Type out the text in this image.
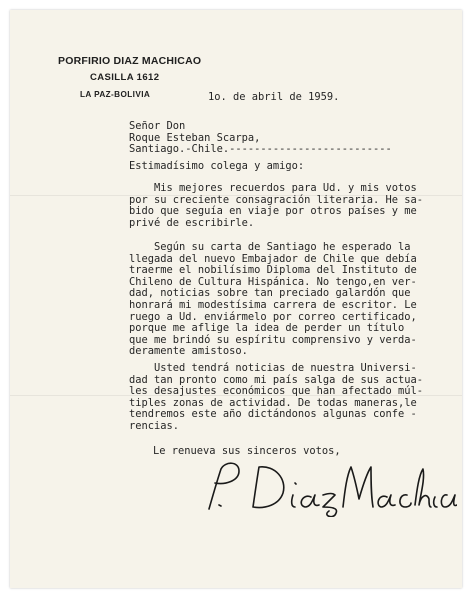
PORFIRIO DIAZ MACHICAO
CASILLA 1612
LA PAZ-BOLIVIA	1o. de abril de 1959.
Señor Don
Roque Esteban Scarpa,
Santiago.-Chile.--------------------------
Estimadísimo colega y amigo:
Mis mejores recuerdos para Ud. y mis votos
por su creciente consagración literaria. He sa-
bido que seguía en viaje por otros países y me
privé de escribirle.
Según su carta de Santiago he esperado la
llegada del nuevo Embajador de Chile que debía
traerme el nobilísimo Diploma del Instituto de
Chileno de Cultura Hispánica. No tengo,en ver-
dad, noticias sobre tan preciado galardón que
honrará mi modestísima carrera de escritor. Le
ruego a Ud. enviármelo por correo certificado,
porque me aflige la idea de perder un título
que me brindó su espíritu comprensivo y verda-
deramente amistoso.
Usted tendrá noticias de nuestra Universi-
dad tan pronto como mi país salga de sus actua-
les desajustes económicos que han afectado múl-
tiples zonas de actividad. De todas maneras,le
tendremos este año dictándonos algunas confe -
rencias.
Le renueva sus sinceros votos,
